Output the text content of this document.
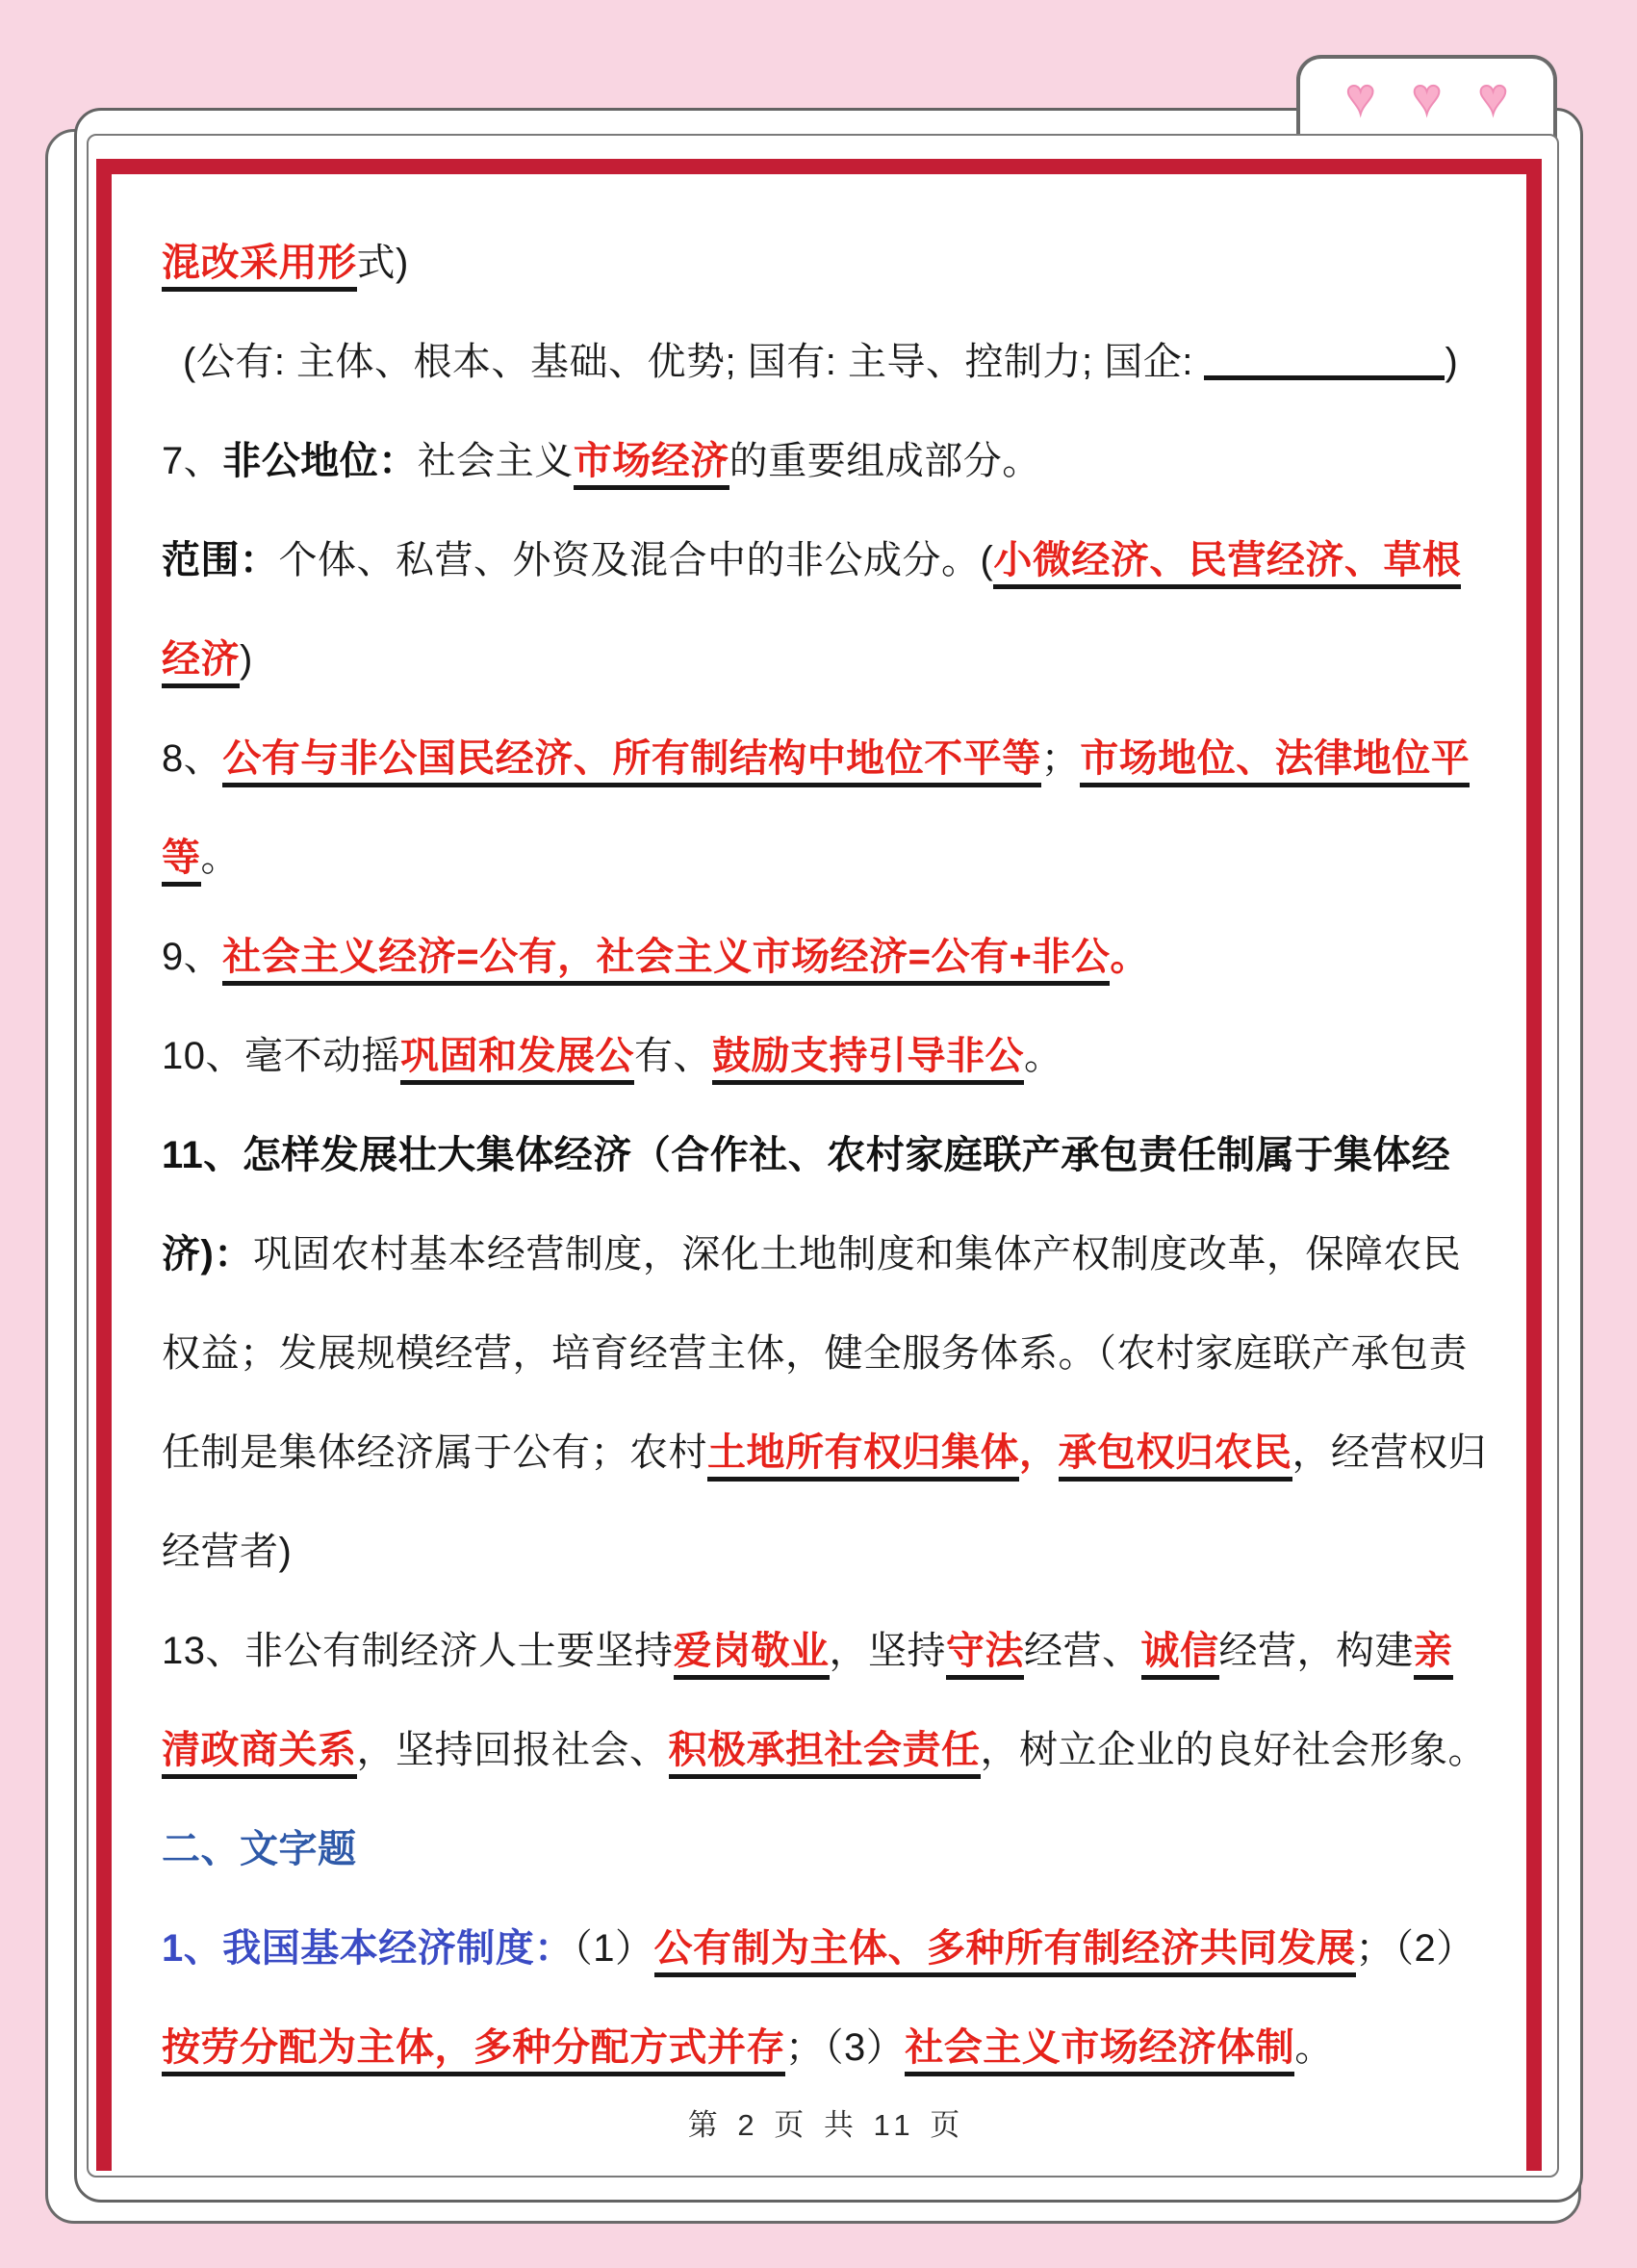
♥ ♥ ♥
混改采用形式)
(公有: 主体、根本、基础、优势; 国有: 主导、控制力; 国企:	)
7、非公地位：社会主义市场经济的重要组成部分。
范围：个体、私营、外资及混合中的非公成分。(小微经济、民营经济、草根
经济)
8、公有与非公国民经济、所有制结构中地位不平等；市场地位、法律地位平
等。
9、社会主义经济=公有，社会主义市场经济=公有+非公。
10、毫不动摇巩固和发展公有、鼓励支持引导非公。
11、怎样发展壮大集体经济（合作社、农村家庭联产承包责任制属于集体经
济)：巩固农村基本经营制度，深化土地制度和集体产权制度改革，保障农民
权益；发展规模经营，培育经营主体，健全服务体系。（农村家庭联产承包责
任制是集体经济属于公有；农村土地所有权归集体，承包权归农民，经营权归
经营者)
13、非公有制经济人士要坚持爱岗敬业，坚持守法经营、诚信经营，构建亲
清政商关系，坚持回报社会、积极承担社会责任，树立企业的良好社会形象。
二、文字题
1、我国基本经济制度：（1）公有制为主体、多种所有制经济共同发展；（2）
按劳分配为主体，多种分配方式并存；（3）社会主义市场经济体制。
第 2 页 共 11 页
